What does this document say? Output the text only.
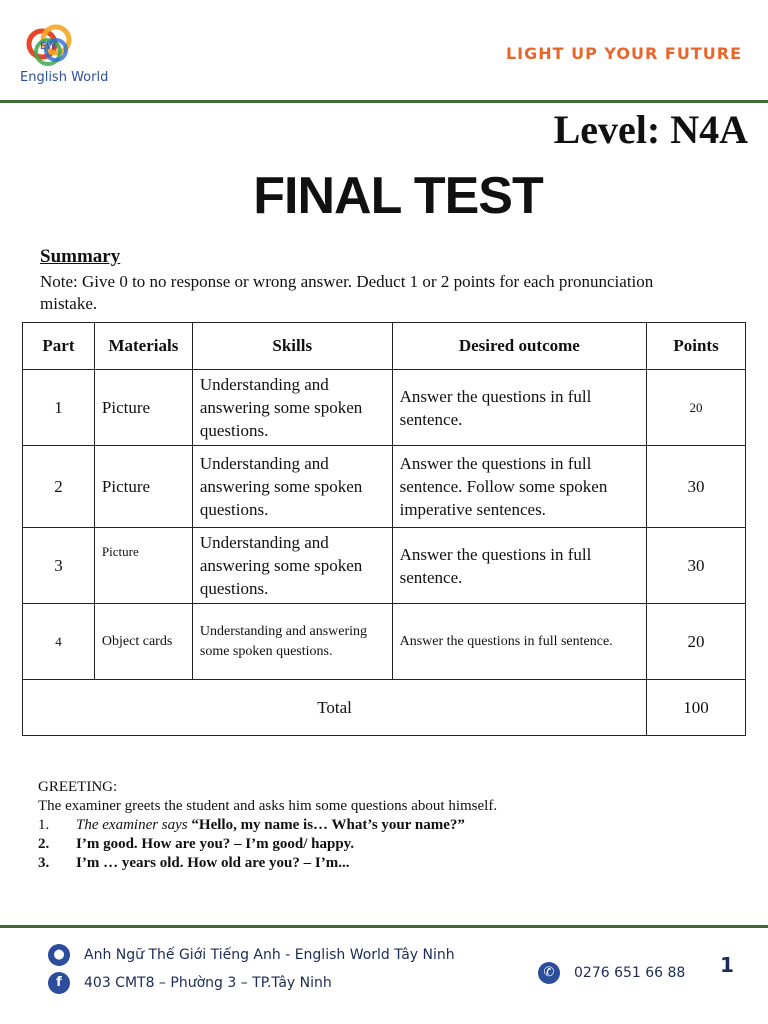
EW
English World
LIGHT UP YOUR FUTURE
Level: N4A
FINAL TEST
Summary
Note: Give 0 to no response or wrong answer. Deduct 1 or 2 points for each pronunciation mistake.
Part	Materials	Skills	Desired outcome	Points
1	Picture	Understanding and answering some spoken questions.	Answer the questions in full sentence.	20
2	Picture	Understanding and answering some spoken questions.	Answer the questions in full sentence. Follow some spoken imperative sentences.	30
3	Picture	Understanding and answering some spoken questions.	Answer the questions in full sentence.	30
4	Object cards	Understanding and answering some spoken questions.	Answer the questions in full sentence.	20
Total				100
GREETING:
The examiner greets the student and asks him some questions about himself.
1. The examiner says “Hello, my name is… What’s your name?”
2. I’m good. How are you? – I’m good/ happy.
3. I’m … years old. How old are you? – I’m...
● Anh Ngữ Thế Giới Tiếng Anh - English World Tây Ninh
f 403 CMT8 – Phường 3 – TP.Tây Ninh
✆ 0276 651 66 88 1
